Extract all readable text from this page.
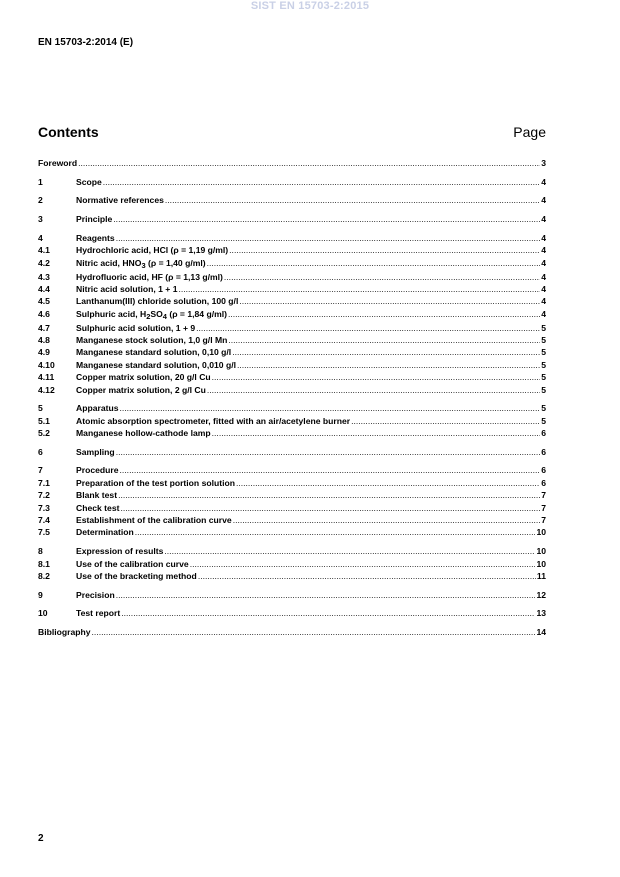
SIST EN 15703-2:2015
EN 15703-2:2014 (E)
Contents	Page
Foreword .....	3
1	Scope .....	4
2	Normative references .....	4
3	Principle .....	4
4	Reagents .....	4
4.1	Hydrochloric acid, HCl (ρ = 1,19 g/ml) .....	4
4.2	Nitric acid, $HNO_3$ (ρ = 1,40 g/ml) .....	4
4.3	Hydrofluoric acid, HF (ρ = 1,13 g/ml) .....	4
4.4	Nitric acid solution, 1 + 1 .....	4
4.5	Lanthanum(III) chloride solution, 100 g/l .....	4
4.6	Sulphuric acid, $H_2SO_4$ (ρ = 1,84 g/ml) .....	4
4.7	Sulphuric acid solution, 1 + 9 .....	5
4.8	Manganese stock solution, 1,0 g/l Mn .....	5
4.9	Manganese standard solution, 0,10 g/l .....	5
4.10	Manganese standard solution, 0,010 g/l .....	5
4.11	Copper matrix solution, 20 g/l Cu .....	5
4.12	Copper matrix solution, 2 g/l Cu .....	5
5	Apparatus .....	5
5.1	Atomic absorption spectrometer, fitted with an air/acetylene burner .....	5
5.2	Manganese hollow-cathode lamp .....	6
6	Sampling .....	6
7	Procedure .....	6
7.1	Preparation of the test portion solution .....	6
7.2	Blank test .....	7
7.3	Check test .....	7
7.4	Establishment of the calibration curve .....	7
7.5	Determination .....	10
8	Expression of results .....	10
8.1	Use of the calibration curve .....	10
8.2	Use of the bracketing method .....	11
9	Precision .....	12
10	Test report .....	13
Bibliography .....	14
2
